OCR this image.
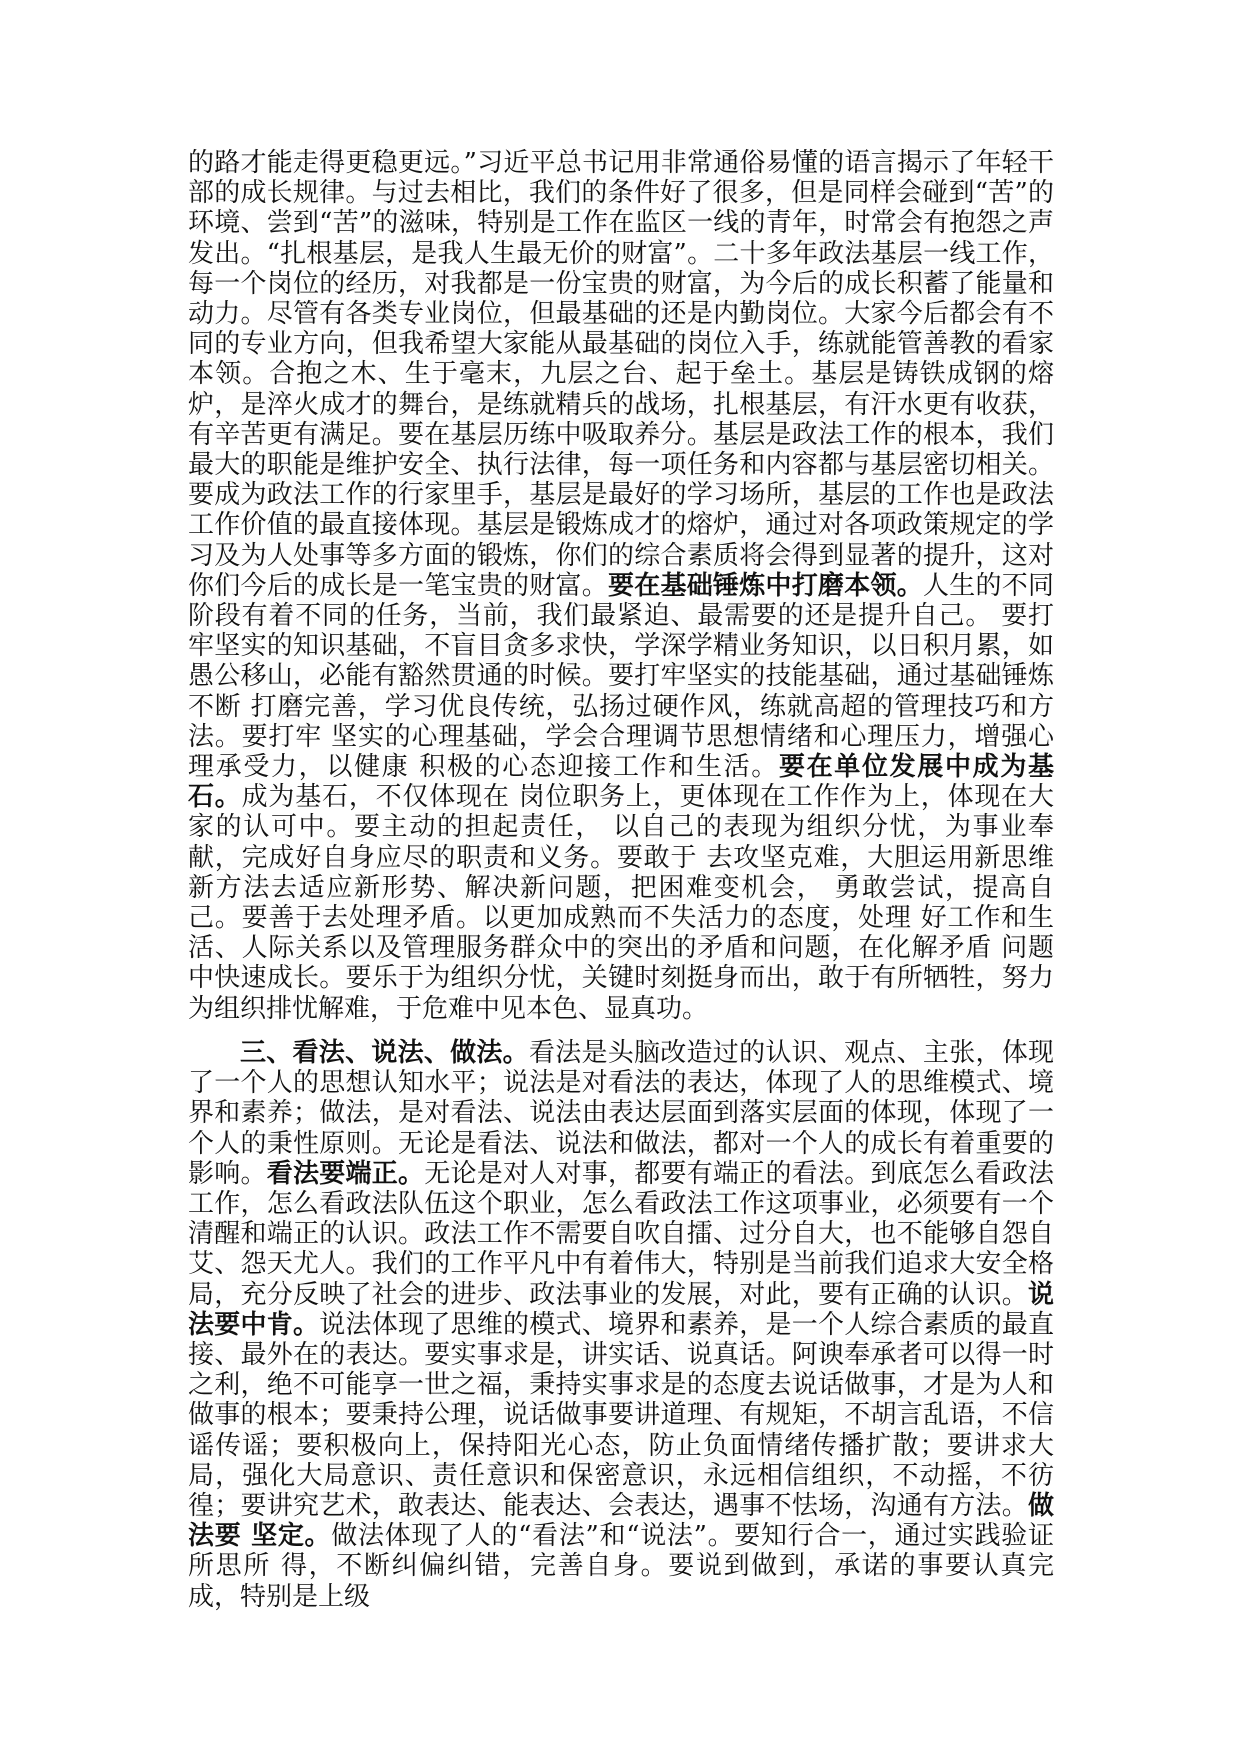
的路才能走得更稳更远。”习近平总书记用非常通俗易懂的语言揭示了年轻干部的成长规律。与过去相比，我们的条件好了很多，但是同样会碰到“苦”的环境、尝到“苦”的滋味，特别是工作在监区一线的青年，时常会有抱怨之声发出。“扎根基层，是我人生最无价的财富”。二十多年政法基层一线工作，每一个岗位的经历，对我都是一份宝贵的财富，为今后的成长积蓄了能量和动力。尽管有各类专业岗位，但最基础的还是内勤岗位。大家今后都会有不同的专业方向，但我希望大家能从最基础的岗位入手，练就能管善教的看家本领。合抱之木、生于毫末，九层之台、起于垒土。基层是铸铁成钢的熔炉，是淬火成才的舞台，是练就精兵的战场，扎根基层，有汗水更有收获，有辛苦更有满足。要在基层历练中吸取养分。基层是政法工作的根本，我们最大的职能是维护安全、执行法律，每一项任务和内容都与基层密切相关。要成为政法工作的行家里手，基层是最好的学习场所，基层的工作也是政法工作价值的最直接体现。基层是锻炼成才的熔炉，通过对各项政策规定的学习及为人处事等多方面的锻炼，你们的综合素质将会得到显著的提升，这对你们今后的成长是一笔宝贵的财富。要在基础锤炼中打磨本领。人生的不同阶段有着不同的任务，当前，我们最紧迫、最需要的还是提升自己。 要打牢坚实的知识基础，不盲目贪多求快，学深学精业务知识，以日积月累，如 愚公移山，必能有豁然贯通的时候。要打牢坚实的技能基础，通过基础锤炼不断 打磨完善，学习优良传统，弘扬过硬作风，练就高超的管理技巧和方法。要打牢 坚实的心理基础，学会合理调节思想情绪和心理压力，增强心理承受力，以健康 积极的心态迎接工作和生活。要在单位发展中成为基石。成为基石，不仅体现在 岗位职务上，更体现在工作作为上，体现在大家的认可中。要主动的担起责任， 以自己的表现为组织分忧，为事业奉献，完成好自身应尽的职责和义务。要敢于 去攻坚克难，大胆运用新思维新方法去适应新形势、解决新问题，把困难变机会， 勇敢尝试，提高自己。要善于去处理矛盾。以更加成熟而不失活力的态度，处理 好工作和生活、人际关系以及管理服务群众中的突出的矛盾和问题，在化解矛盾 问题中快速成长。要乐于为组织分忧，关键时刻挺身而出，敢于有所牺牲，努力 为组织排忧解难，于危难中见本色、显真功。

三、看法、说法、做法。看法是头脑改造过的认识、观点、主张，体现了一个人的思想认知水平；说法是对看法的表达，体现了人的思维模式、境界和素养；做法，是对看法、说法由表达层面到落实层面的体现，体现了一个人的秉性原则。无论是看法、说法和做法，都对一个人的成长有着重要的影响。看法要端正。无论是对人对事，都要有端正的看法。到底怎么看政法工作，怎么看政法队伍这个职业，怎么看政法工作这项事业，必须要有一个清醒和端正的认识。政法工作不需要自吹自擂、过分自大，也不能够自怨自艾、怨天尤人。我们的工作平凡中有着伟大，特别是当前我们追求大安全格局，充分反映了社会的进步、政法事业的发展，对此，要有正确的认识。说法要中肯。说法体现了思维的模式、境界和素养，是一个人综合素质的最直接、最外在的表达。要实事求是，讲实话、说真话。阿谀奉承者可以得一时之利，绝不可能享一世之福，秉持实事求是的态度去说话做事，才是为人和做事的根本；要秉持公理，说话做事要讲道理、有规矩，不胡言乱语，不信谣传谣；要积极向上，保持阳光心态，防止负面情绪传播扩散；要讲求大局，强化大局意识、责任意识和保密意识，永远相信组织，不动摇，不彷 徨；要讲究艺术，敢表达、能表达、会表达，遇事不怯场，沟通有方法。做法要 坚定。做法体现了人的“看法”和“说法”。要知行合一，通过实践验证所思所 得，不断纠偏纠错，完善自身。要说到做到，承诺的事要认真完成，特别是上级
